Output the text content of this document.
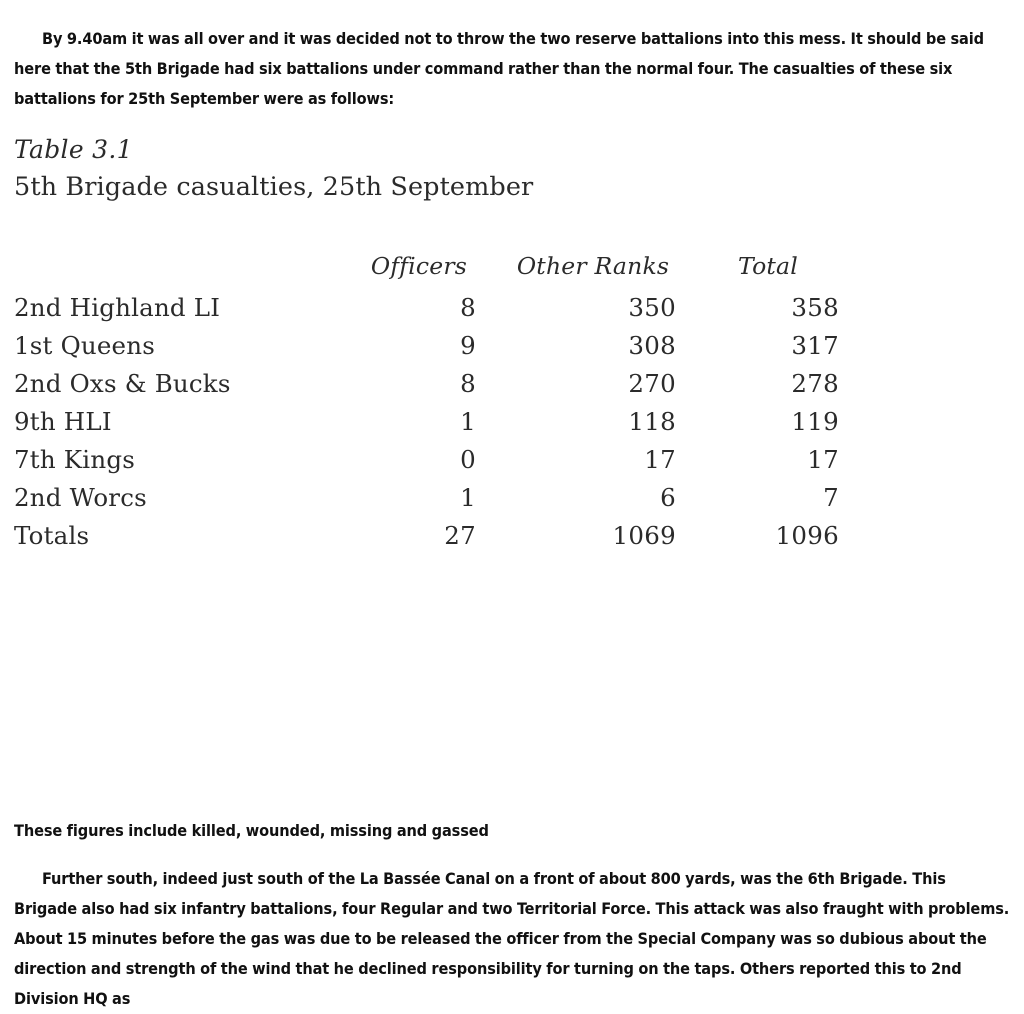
By 9.40am it was all over and it was decided not to throw the two reserve battalions into this mess. It should be said here that the 5th Brigade had six battalions under command rather than the normal four. The casualties of these six battalions for 25th September were as follows:

Table 3.1
5th Brigade casualties, 25th September
	Officers	Other Ranks	Total
2nd Highland LI	8	350	358
1st Queens	9	308	317
2nd Oxs & Bucks	8	270	278
9th HLI	1	118	119
7th Kings	0	17	17
2nd Worcs	1	6	7
Totals	27	1069	1096

These figures include killed, wounded, missing and gassed

Further south, indeed just south of the La Bassée Canal on a front of about 800 yards, was the 6th Brigade. This Brigade also had six infantry battalions, four Regular and two Territorial Force. This attack was also fraught with problems. About 15 minutes before the gas was due to be released the officer from the Special Company was so dubious about the direction and strength of the wind that he declined responsibility for turning on the taps. Others reported this to 2nd Division HQ as
